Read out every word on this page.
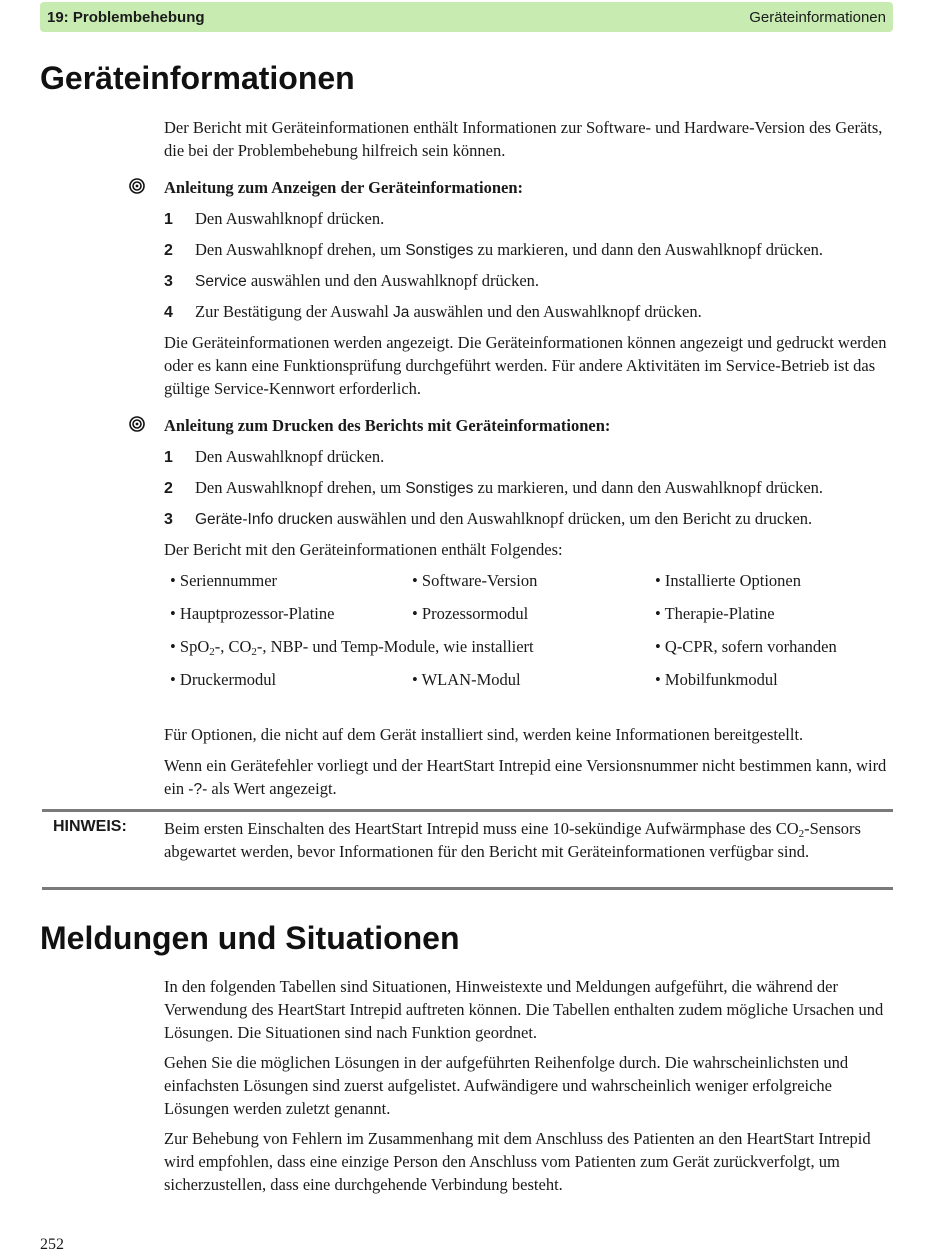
19: Problembehebung	Geräteinformationen
Geräteinformationen

Der Bericht mit Geräteinformationen enthält Informationen zur Software- und Hardware-Version des Geräts, die bei der Problembehebung hilfreich sein können.

Anleitung zum Anzeigen der Geräteinformationen:

1 Den Auswahlknopf drücken.
2 Den Auswahlknopf drehen, um Sonstiges zu markieren, und dann den Auswahlknopf drücken.
3 Service auswählen und den Auswahlknopf drücken.
4 Zur Bestätigung der Auswahl Ja auswählen und den Auswahlknopf drücken.

Die Geräteinformationen werden angezeigt. Die Geräteinformationen können angezeigt und gedruckt werden oder es kann eine Funktionsprüfung durchgeführt werden. Für andere Aktivitäten im Service-Betrieb ist das gültige Service-Kennwort erforderlich.

Anleitung zum Drucken des Berichts mit Geräteinformationen:

1 Den Auswahlknopf drücken.
2 Den Auswahlknopf drehen, um Sonstiges zu markieren, und dann den Auswahlknopf drücken.
3 Geräte-Info drucken auswählen und den Auswahlknopf drücken, um den Bericht zu drucken.

Der Bericht mit den Geräteinformationen enthält Folgendes:

• Seriennummer	• Software-Version	• Installierte Optionen
• Hauptprozessor-Platine	• Prozessormodul	• Therapie-Platine
• SpO$_2$-, $CO_2-$, NBP- und Temp-Module, wie installiert	• Q-CPR, sofern vorhanden
• Druckermodul	• WLAN-Modul	• Mobilfunkmodul

Für Optionen, die nicht auf dem Gerät installiert sind, werden keine Informationen bereitgestellt.

Wenn ein Gerätefehler vorliegt und der HeartStart Intrepid eine Versionsnummer nicht bestimmen kann, wird ein -?- als Wert angezeigt.

HINWEIS: Beim ersten Einschalten des HeartStart Intrepid muss eine 10-sekündige Aufwärmphase des $CO_2$-Sensors abgewartet werden, bevor Informationen für den Bericht mit Geräteinformationen verfügbar sind.

Meldungen und Situationen

In den folgenden Tabellen sind Situationen, Hinweistexte und Meldungen aufgeführt, die während der Verwendung des HeartStart Intrepid auftreten können. Die Tabellen enthalten zudem mögliche Ursachen und Lösungen. Die Situationen sind nach Funktion geordnet.

Gehen Sie die möglichen Lösungen in der aufgeführten Reihenfolge durch. Die wahrscheinlichsten und einfachsten Lösungen sind zuerst aufgelistet. Aufwändigere und wahrscheinlich weniger erfolgreiche Lösungen werden zuletzt genannt.

Zur Behebung von Fehlern im Zusammenhang mit dem Anschluss des Patienten an den HeartStart Intrepid wird empfohlen, dass eine einzige Person den Anschluss vom Patienten zum Gerät zurückverfolgt, um sicherzustellen, dass eine durchgehende Verbindung besteht.

252
